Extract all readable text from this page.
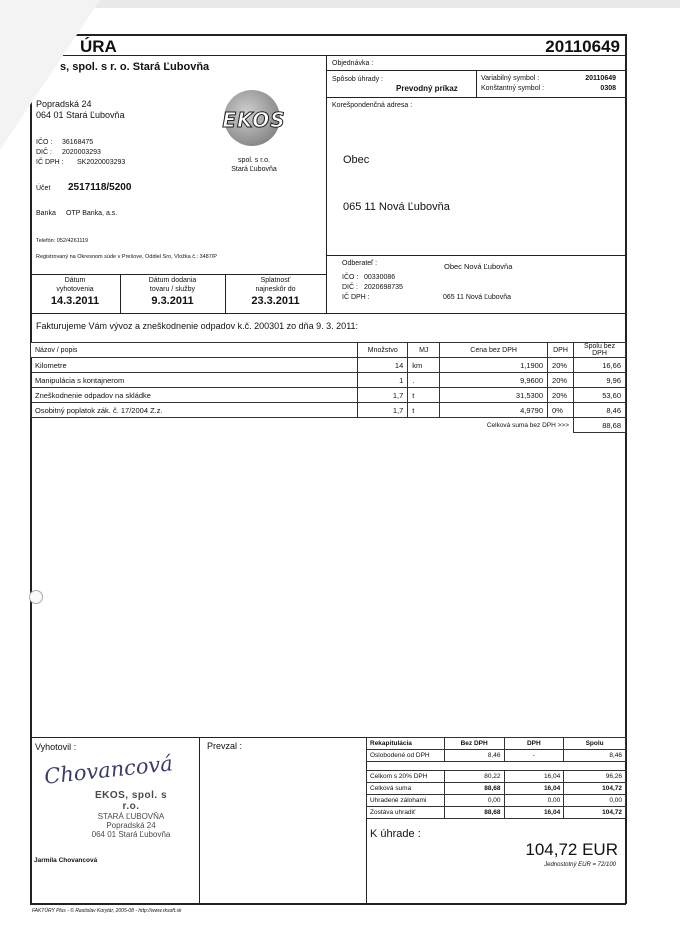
ÚRA	20110649
s, spol. s r. o. Stará Ľubovňa
Popradská 24
064 01 Stará Ľubovňa
IČO : 36168475
DIČ : 2020003293
IČ DPH : SK2020003293
Účet 2517118/5200
Banka OTP Banka, a.s.
Telefón: 052/4261119
Registrovaný na Okresnom súde v Prešove, Oddiel Sro, Vložka č.: 3487/P
EKOS
spol. s r.o.
Stará Ľubovňa
Objednávka :
Spôsob úhrady :
Prevodný príkaz
Variabilný symbol :	20110649
Konštantný symbol :	0308
Korešpondenčná adresa :
Obec
065 11 Nová Ľubovňa
Odberateľ :	Obec Nová Ľubovňa
IČO : 00330086
DIČ : 2020698735
IČ DPH :	065 11 Nová Ľubovňa
Dátum
vyhotovenia
14.3.2011
Dátum dodania
tovaru / služby
9.3.2011
Splatnosť
najneskôr do
23.3.2011
Fakturujeme Vám vývoz a zneškodnenie odpadov k.č. 200301 zo dňa 9. 3. 2011:
Názov / popis	Množstvo	MJ	Cena bez DPH	DPH	Spolu bez DPH
Kilometre	14	km	1,1900	20%	16,66
Manipulácia s kontajnerom	1	.	9,9600	20%	9,96
Zneškodnenie odpadov na skládke	1,7	t	31,5300	20%	53,60
Osobitný poplatok zák. č. 17/2004 Z.z.	1,7	t	4,9790	0%	8,46
Celková suma bez DPH >>>					88,68
Vyhotovil :
Chovancová
EKOS, spol. s r.o.
STARÁ ĽUBOVŇA
Popradská 24
064 01 Stará Ľubovňa
Jarmila Chovancová
Prevzal :	Rekapitulácia	Bez DPH	DPH	Spolu
Oslobodené od DPH	8,46	-	8,46

Celkom s 20% DPH	80,22	16,04	96,26
Celková suma	88,68	16,04	104,72
Uhradené zálohami	0,00	0,00	0,00
Zostáva uhradiť	88,68	16,04	104,72
K úhrade :
104,72 EUR
Jednostotný EUR = 72/100
FAKTÚRY Plus - © Rastislav Korytár, 2005-08 - http://www.rksoft.sk
